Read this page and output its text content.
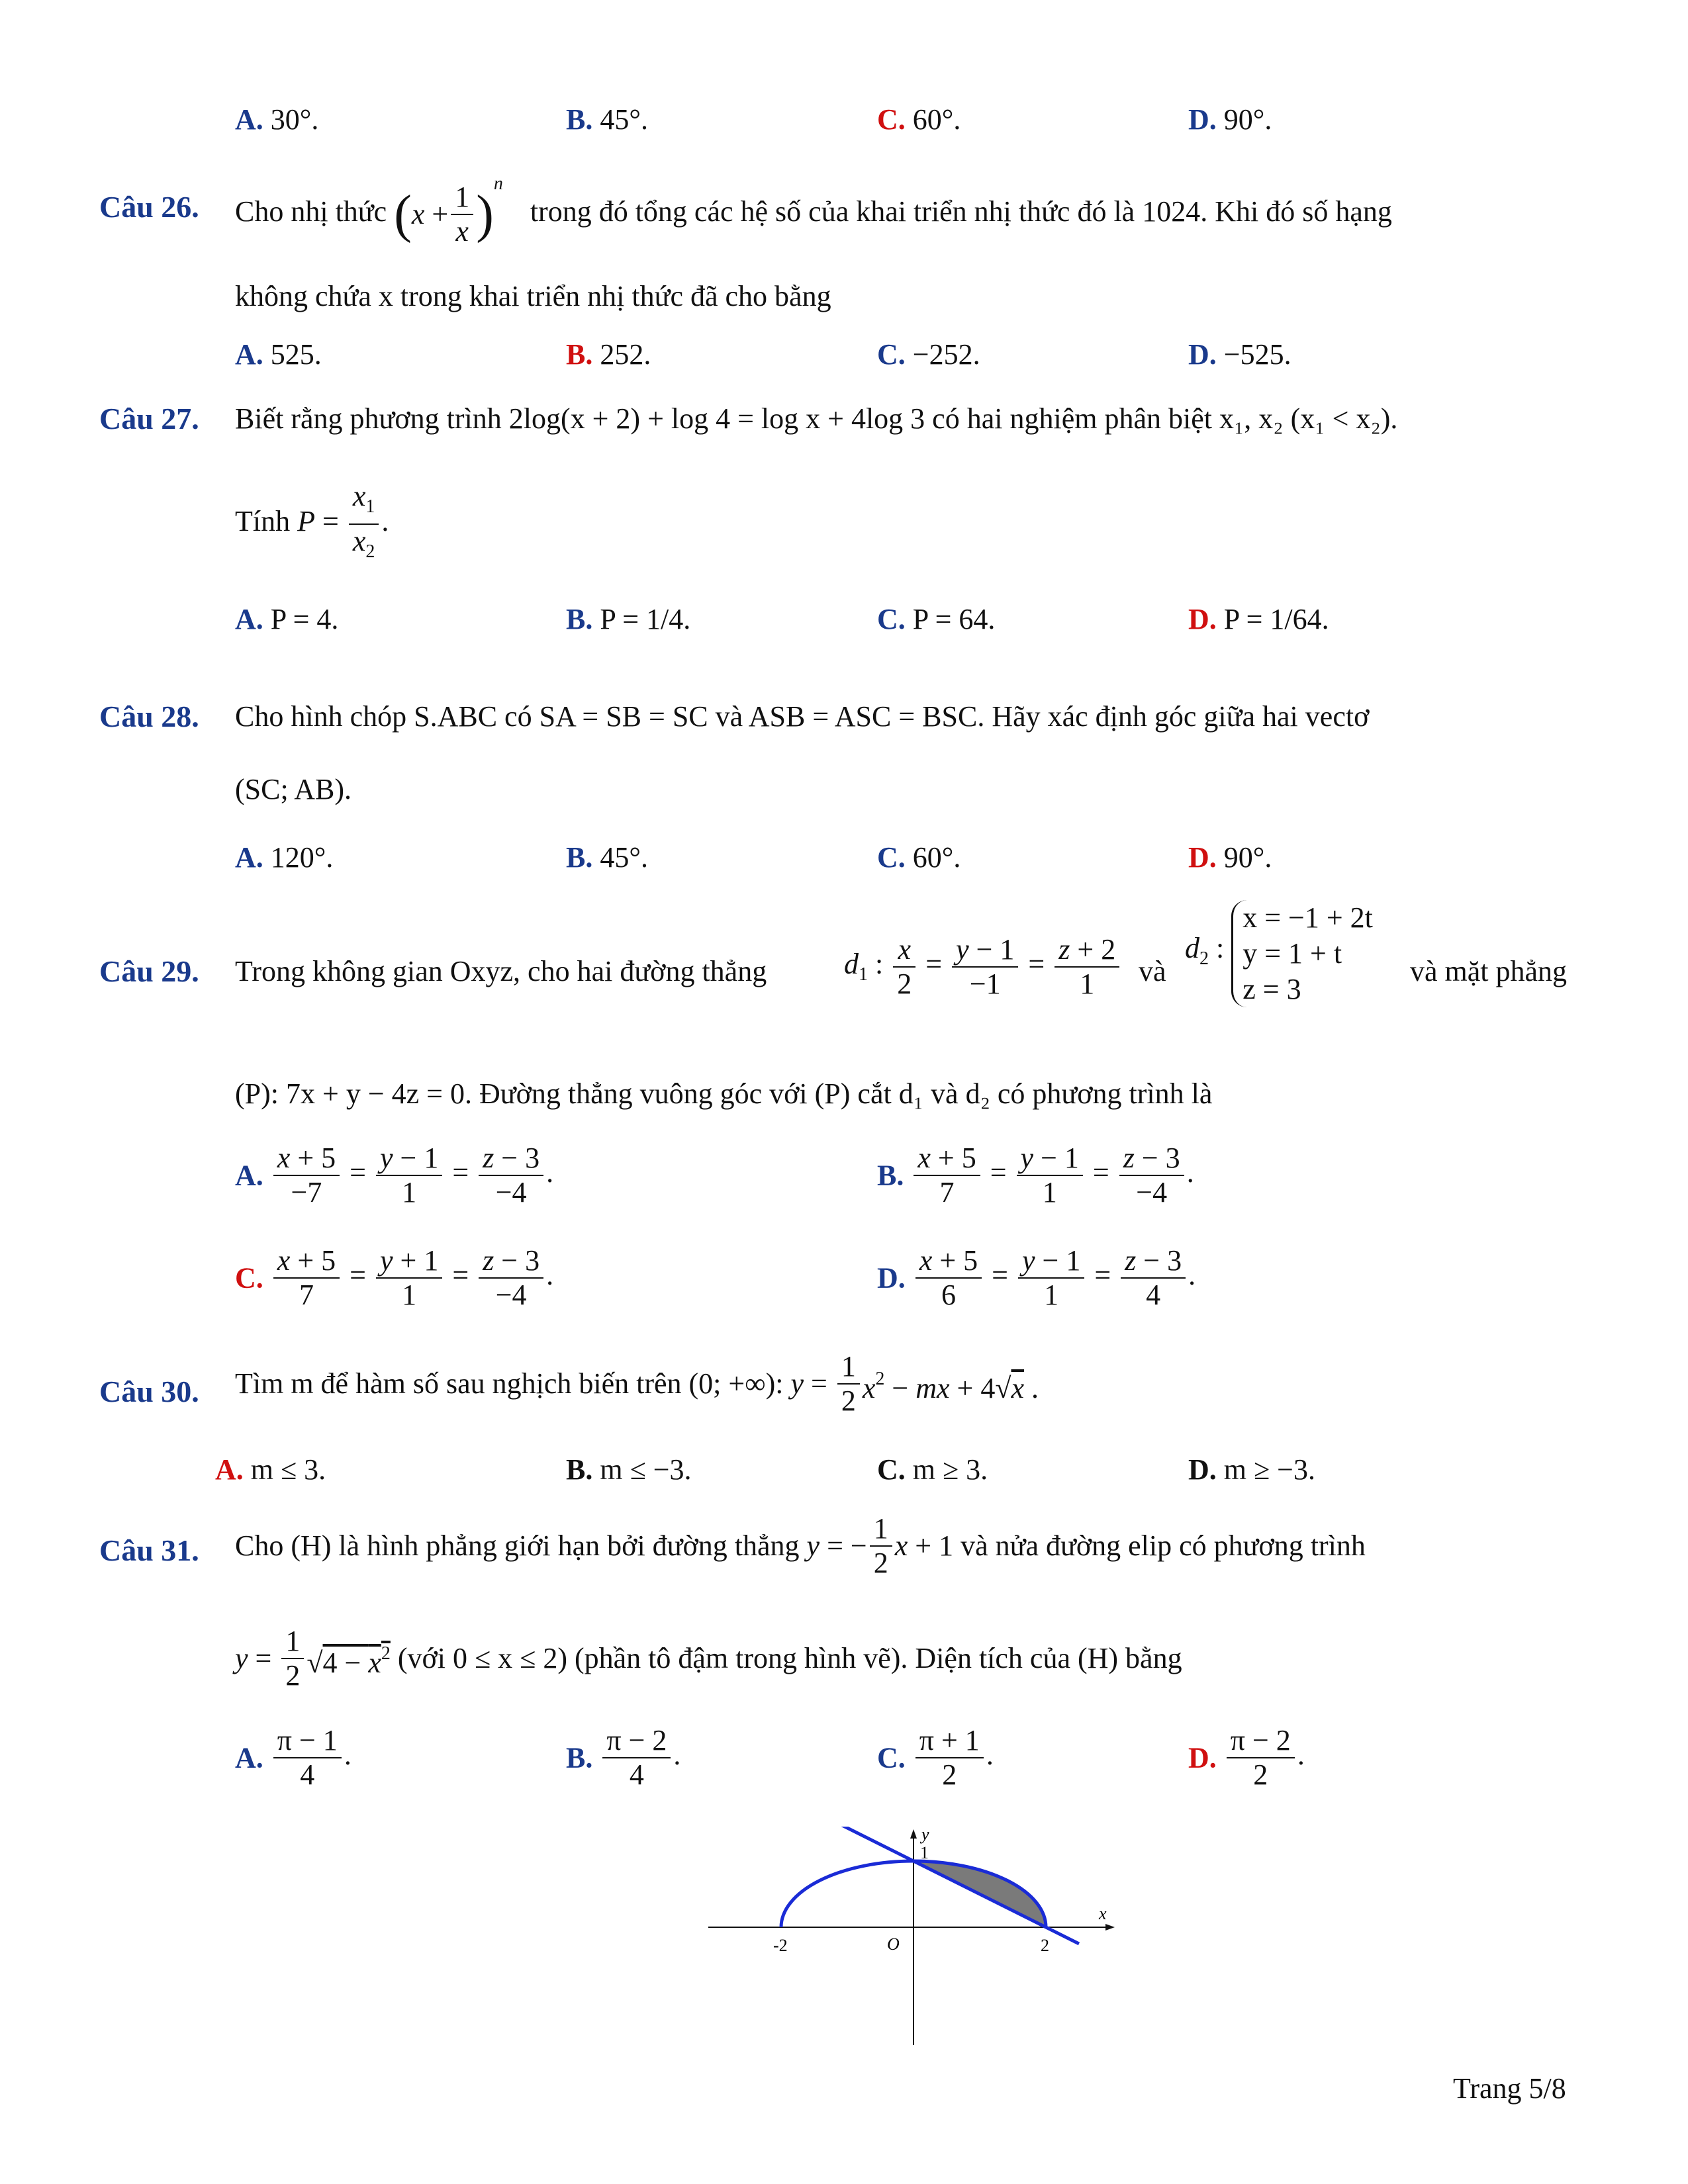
A. 30°.	B. 45°.	C. 60°.	D. 90°.
Câu 26. Cho nhị thức $(x + \frac{1}{x} )^n$ trong đó tổng các hệ số của khai triển nhị thức đó là 1024. Khi đó số hạng
không chứa x trong khai triển nhị thức đã cho bằng
A. 525.	B. 252.	C. −252.	D. −525.
Câu 27. Biết rằng phương trình 2log(x + 2) + log 4 = log x + 4log 3 có hai nghiệm phân biệt x₁, x₂ (x₁ < x₂).
Tính $P = \frac{x_1}{x_2}$ .
A. P = 4.	B. P = 1/4.	C. P = 64.	D. P = 1/64.
Câu 28. Cho hình chóp S.ABC có SA = SB = SC và ASB = ASC = BSC. Hãy xác định góc giữa hai vectơ
(SC; AB).
A. 120°.	B. 45°.	C. 60°.	D. 90°.
Câu 29. Trong không gian Oxyz, cho hai đường thẳng	$d_1$ : $\frac{x}{2} = \frac{y - 1}{-1} = \frac{z + 2}{1}$ và
$d_2$ :
x = −1 + 2t
y = 1 + t
z = 3
và mặt phẳng
(P): 7x + y − 4z = 0. Đường thẳng vuông góc với (P) cắt d₁ và d₂ có phương trình là
A. $\frac{x + 5}{-7} = \frac{y - 1}{1} = \frac{z - 3}{-4}$ .	B. $\frac{x + 5}{7} = \frac{y - 1}{1} = \frac{z - 3}{-4}$ .
C. $\frac{x + 5}{7} = \frac{y + 1}{1} = \frac{z - 3}{-4}$ .	D. $\frac{x + 5}{6} = \frac{y - 1}{1} = \frac{z - 3}{4}$ .
Câu 30. Tìm m để hàm số sau nghịch biến trên (0; +∞): $y = \frac{1}{2} x^2$ − mx + 4√x .
A. m ≤ 3.	B. m ≤ −3.	C. m ≥ 3.	D. m ≥ −3.
Câu 31. Cho (H) là hình phẳng giới hạn bởi đường thẳng y = − $\frac{1}{2}$ x + 1 và nửa đường elip có phương trình
$y = \frac{1}{2} √4 - x^2$ (với 0 ≤ x ≤ 2) (phần tô đậm trong hình vẽ). Diện tích của (H) bằng
A. $\frac{\pi - 1}{4}$ .	B. $\frac{\pi - 2}{4}$ .	C. $\frac{\pi + 1}{2}$ .	D. $\frac{\pi - 2}{2}$ .
x
y
O
-2	2
1
Trang 5/8
